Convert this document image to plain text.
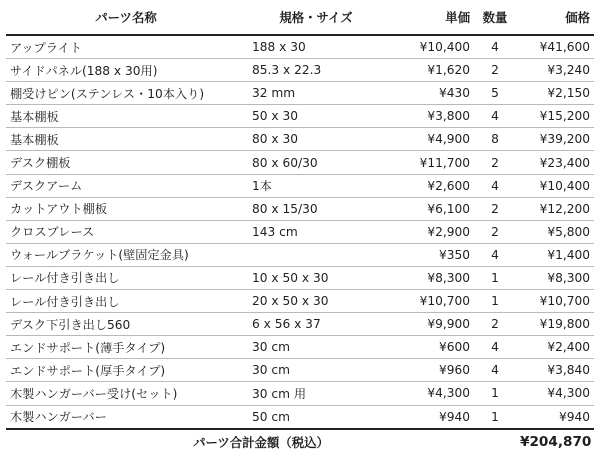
パーツ名称	規格・サイズ	単価	数量	価格
アップライト	188 x 30	¥10,400	4	¥41,600
サイドパネル(188 x 30用)	85.3 x 22.3	¥1,620	2	¥3,240
棚受けピン(ステンレス・10本入り)	32 mm	¥430	5	¥2,150
基本棚板	50 x 30	¥3,800	4	¥15,200
基本棚板	80 x 30	¥4,900	8	¥39,200
デスク棚板	80 x 60/30	¥11,700	2	¥23,400
デスクアーム	1本	¥2,600	4	¥10,400
カットアウト棚板	80 x 15/30	¥6,100	2	¥12,200
クロスブレース	143 cm	¥2,900	2	¥5,800
ウォールブラケット(壁固定金具)		¥350	4	¥1,400
レール付き引き出し	10 x 50 x 30	¥8,300	1	¥8,300
レール付き引き出し	20 x 50 x 30	¥10,700	1	¥10,700
デスク下引き出し560	6 x 56 x 37	¥9,900	2	¥19,800
エンドサポート(薄手タイプ)	30 cm	¥600	4	¥2,400
エンドサポート(厚手タイプ)	30 cm	¥960	4	¥3,840
木製ハンガーバー受け(セット)	30 cm 用	¥4,300	1	¥4,300
木製ハンガーバー	50 cm	¥940	1	¥940
パーツ合計金額（税込）				¥204,870
